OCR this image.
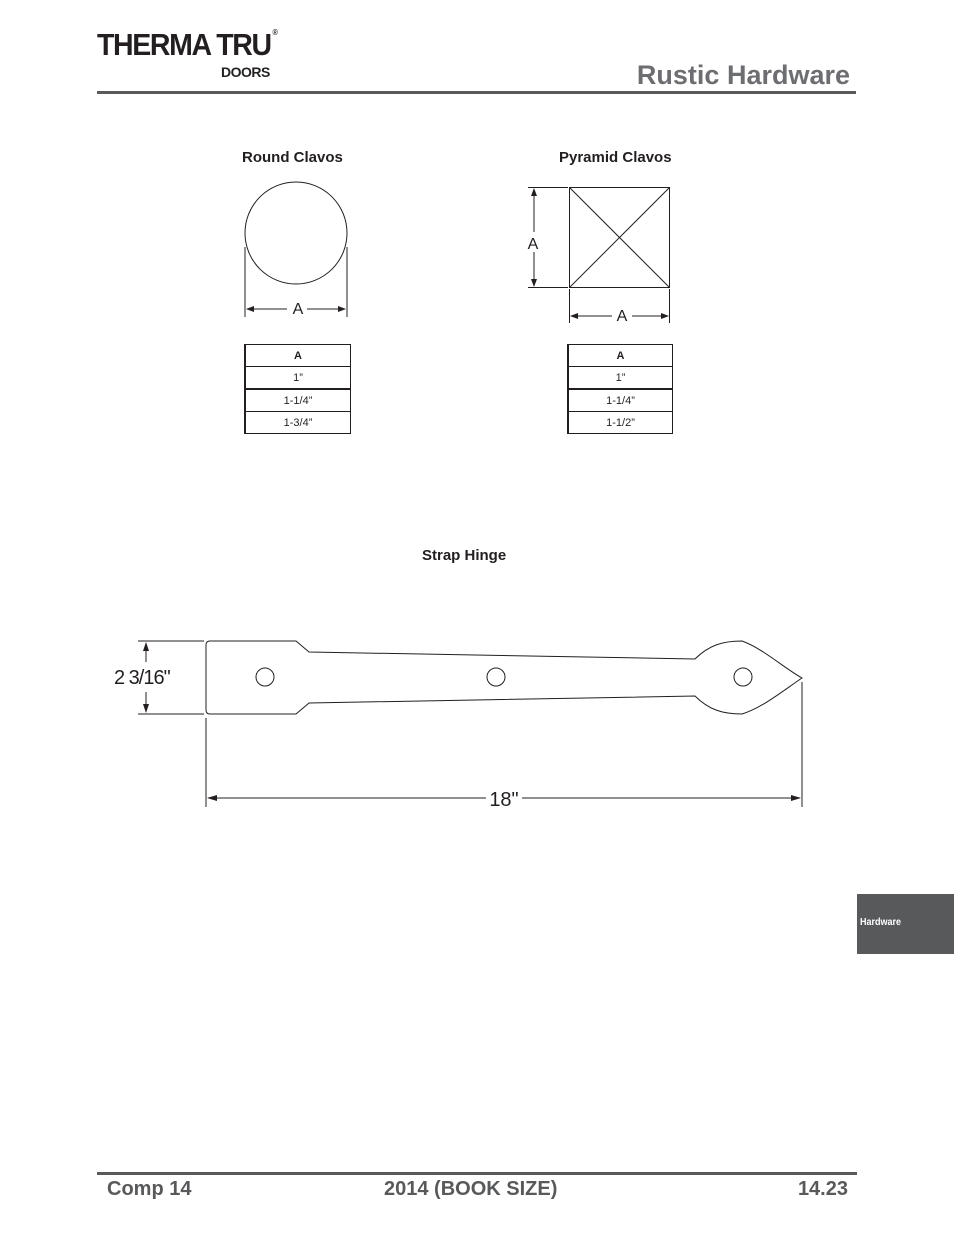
THERMA TRU ®
DOORS	Rustic Hardware
Round Clavos
A
A
1”
1-1/4”
1-3/4”
Pyramid Clavos
A
A
A
1”
1-1/4”
1-1/2”
Strap Hinge
2 3/16"
18"
Hardware
Comp 14	2014 (BOOK SIZE)	14.23
